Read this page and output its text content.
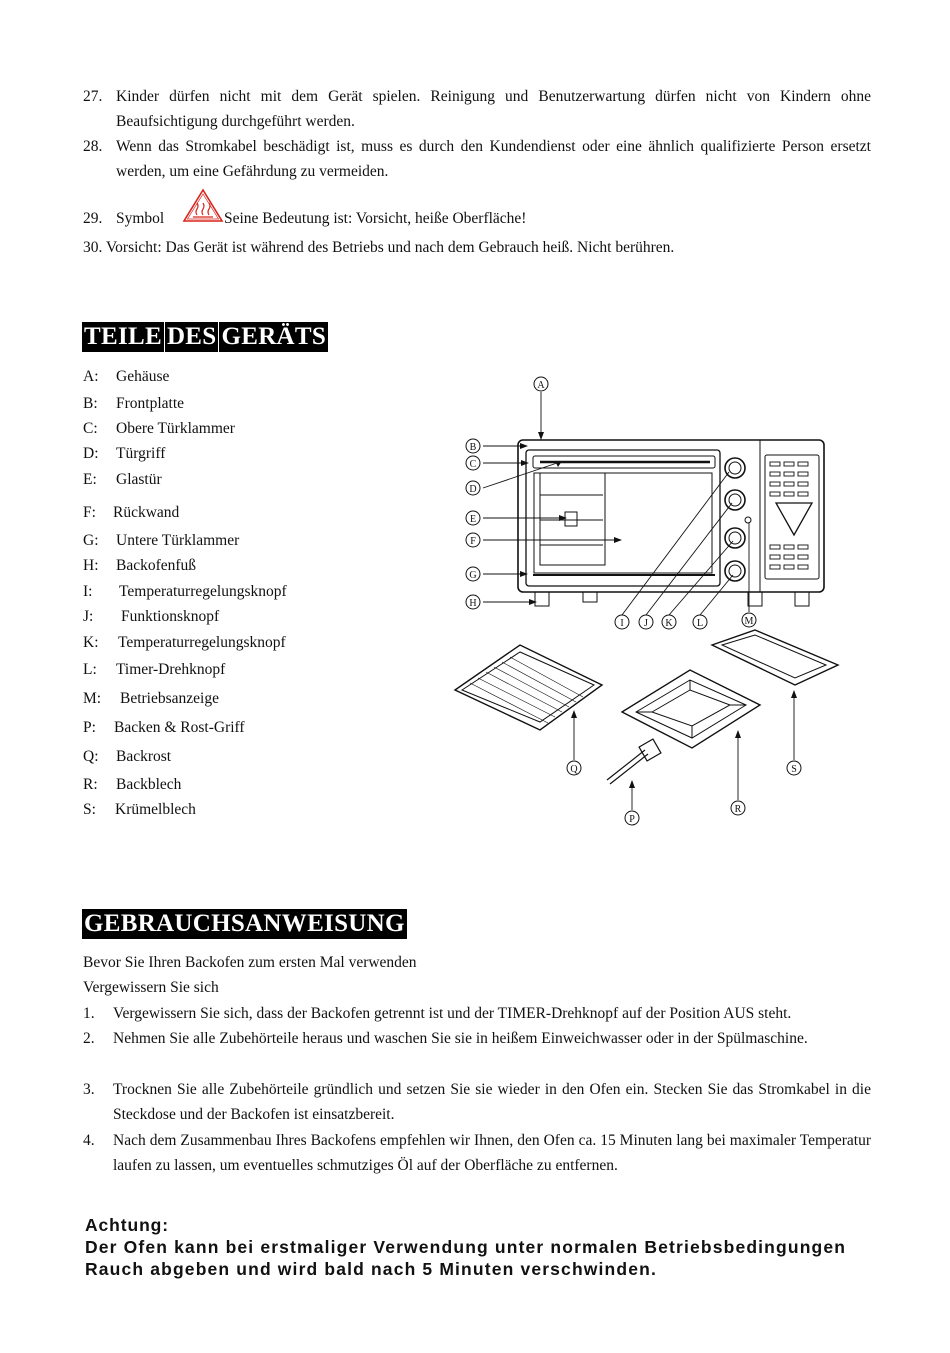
27. Kinder dürfen nicht mit dem Gerät spielen. Reinigung und Benutzerwartung dürfen nicht von Kindern ohne Beaufsichtigung durchgeführt werden.
28. Wenn das Stromkabel beschädigt ist, muss es durch den Kundendienst oder eine ähnlich qualifizierte Person ersetzt werden, um eine Gefährdung zu vermeiden.
29. Symbol	Seine Bedeutung ist: Vorsicht, heiße Oberfläche!
30. Vorsicht: Das Gerät ist während des Betriebs und nach dem Gebrauch heiß. Nicht berühren.
TEILE DES GERÄTS
A: Gehäuse
B: Frontplatte
C: Obere Türklammer
D: Türgriff
E: Glastür
F: Rückwand
G: Untere Türklammer
H: Backofenfuß
I: Temperaturregelungsknopf
J: Funktionsknopf
K: Temperaturregelungsknopf
L: Timer-Drehknopf
M: Betriebsanzeige
P: Backen & Rost-Griff
Q: Backrost
R: Backblech
S: Krümelblech
A
B
C
D
E
F
G
H
I J K L	M
P
Q
R
S
GEBRAUCHSANWEISUNG
Bevor Sie Ihren Backofen zum ersten Mal verwenden
Vergewissern Sie sich
1. Vergewissern Sie sich, dass der Backofen getrennt ist und der TIMER-Drehknopf auf der Position AUS steht.
2. Nehmen Sie alle Zubehörteile heraus und waschen Sie sie in heißem Einweichwasser oder in der Spülmaschine.
3. Trocknen Sie alle Zubehörteile gründlich und setzen Sie sie wieder in den Ofen ein. Stecken Sie das Stromkabel in die Steckdose und der Backofen ist einsatzbereit.
4. Nach dem Zusammenbau Ihres Backofens empfehlen wir Ihnen, den Ofen ca. 15 Minuten lang bei maximaler Temperatur laufen zu lassen, um eventuelles schmutziges Öl auf der Oberfläche zu entfernen.
Achtung:
Der Ofen kann bei erstmaliger Verwendung unter normalen Betriebsbedingungen
Rauch abgeben und wird bald nach 5 Minuten verschwinden.
